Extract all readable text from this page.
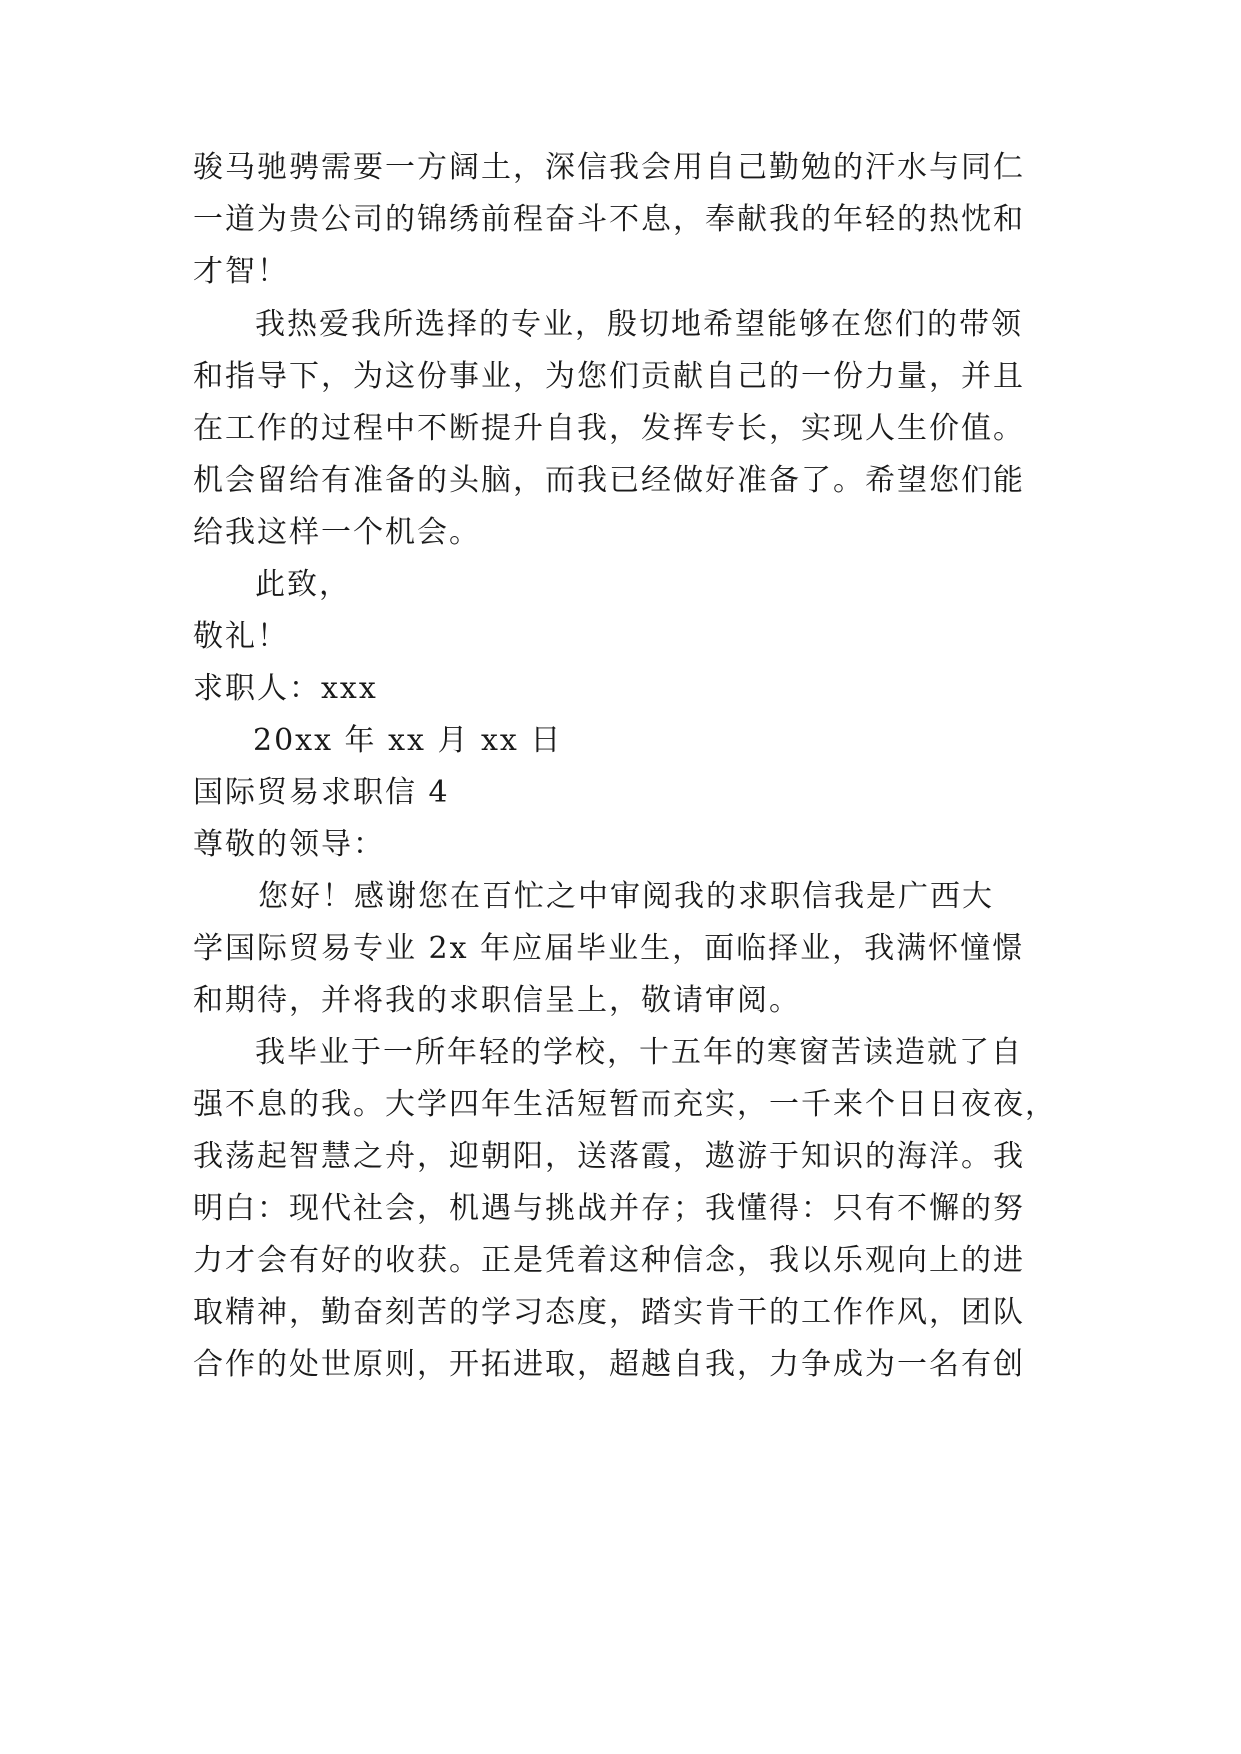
骏马驰骋需要一方阔土，深信我会用自己勤勉的汗水与同仁
一道为贵公司的锦绣前程奋斗不息，奉献我的年轻的热忱和
才智！
我热爱我所选择的专业，殷切地希望能够在您们的带领
和指导下，为这份事业，为您们贡献自己的一份力量，并且
在工作的过程中不断提升自我，发挥专长，实现人生价值。
机会留给有准备的头脑，而我已经做好准备了。希望您们能
给我这样一个机会。
此致，
敬礼！
求职人：xxx
20xx 年 xx 月 xx 日
国际贸易求职信 4
尊敬的领导：
您好！感谢您在百忙之中审阅我的求职信我是广西大
学国际贸易专业 2x 年应届毕业生，面临择业，我满怀憧憬
和期待，并将我的求职信呈上，敬请审阅。
我毕业于一所年轻的学校，十五年的寒窗苦读造就了自
强不息的我。大学四年生活短暂而充实，一千来个日日夜夜，
我荡起智慧之舟，迎朝阳，送落霞，遨游于知识的海洋。我
明白：现代社会，机遇与挑战并存；我懂得：只有不懈的努
力才会有好的收获。正是凭着这种信念，我以乐观向上的进
取精神，勤奋刻苦的学习态度，踏实肯干的工作作风，团队
合作的处世原则，开拓进取，超越自我，力争成为一名有创
